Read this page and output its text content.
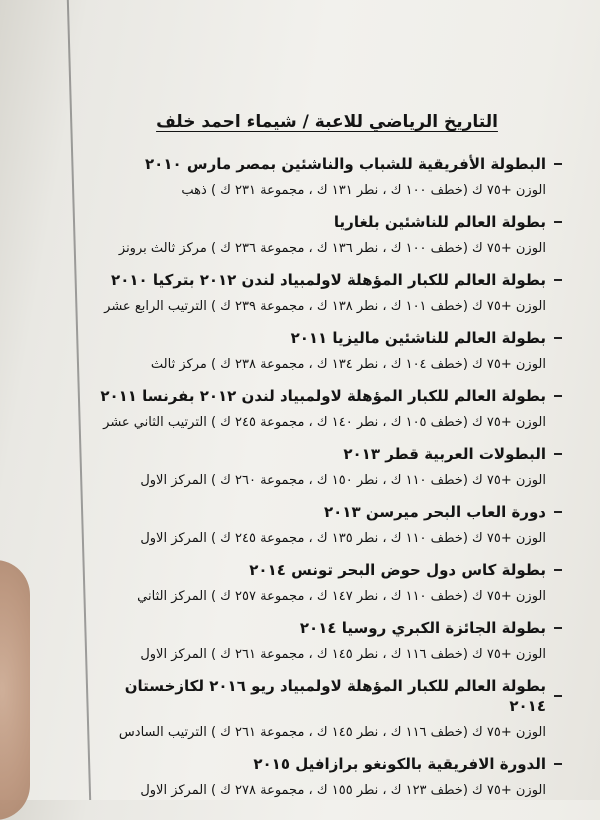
التاريخ الرياضي للاعبة / شيماء احمد خلف
البطولة الأفريقية للشباب والناشئين بمصر مارس ٢٠١٠
الوزن +٧٥ ك (خطف ١٠٠ ك ، نطر ١٣١ ك ، مجموعة ٢٣١ ك ) ذهب
بطولة العالم للناشئين بلغاريا
الوزن +٧٥ ك (خطف ١٠٠ ك ، نطر ١٣٦ ك ، مجموعة ٢٣٦ ك ) مركز ثالث برونز
بطولة العالم للكبار المؤهلة لاولمبياد لندن ٢٠١٢ بتركيا ٢٠١٠
الوزن +٧٥ ك (خطف ١٠١ ك ، نطر ١٣٨ ك ، مجموعة ٢٣٩ ك ) الترتيب الرابع عشر
بطولة العالم للناشئين ماليزيا ٢٠١١
الوزن +٧٥ ك (خطف ١٠٤ ك ، نطر ١٣٤ ك ، مجموعة ٢٣٨ ك ) مركز ثالث
بطولة العالم للكبار المؤهلة لاولمبياد لندن ٢٠١٢ بفرنسا ٢٠١١
الوزن +٧٥ ك (خطف ١٠٥ ك ، نطر ١٤٠ ك ، مجموعة ٢٤٥ ك ) الترتيب الثاني عشر
البطولات العربية قطر ٢٠١٣
الوزن +٧٥ ك (خطف ١١٠ ك ، نطر ١٥٠ ك ، مجموعة ٢٦٠ ك ) المركز الاول
دورة العاب البحر ميرسن ٢٠١٣
الوزن +٧٥ ك (خطف ١١٠ ك ، نطر ١٣٥ ك ، مجموعة ٢٤٥ ك ) المركز الاول
بطولة كاس دول حوض البحر تونس ٢٠١٤
الوزن +٧٥ ك (خطف ١١٠ ك ، نطر ١٤٧ ك ، مجموعة ٢٥٧ ك ) المركز الثاني
بطولة الجائزة الكبري روسيا ٢٠١٤
الوزن +٧٥ ك (خطف ١١٦ ك ، نطر ١٤٥ ك ، مجموعة ٢٦١ ك ) المركز الاول
بطولة العالم للكبار المؤهلة لاولمبياد ريو ٢٠١٦ لكازخستان ٢٠١٤
الوزن +٧٥ ك (خطف ١١٦ ك ، نطر ١٤٥ ك ، مجموعة ٢٦١ ك ) الترتيب السادس
الدورة الافريقية بالكونغو برازافيل ٢٠١٥
الوزن +٧٥ ك (خطف ١٢٣ ك ، نطر ١٥٥ ك ، مجموعة ٢٧٨ ك ) المركز الاول
